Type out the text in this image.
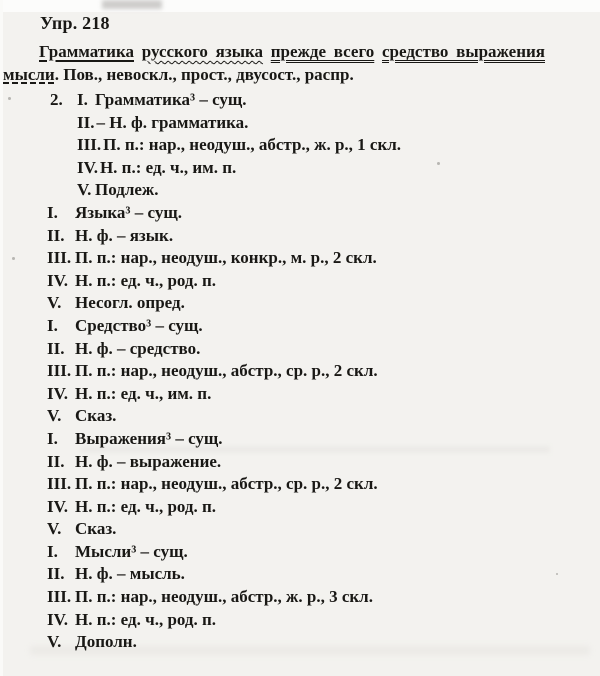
Упр. 218
Грамматика русского языка прежде всего средство выражения
мысли. Пов., невоскл., прост., двусост., распр.
2. I. Грамматика³ – сущ.
II. – Н. ф. грамматика.
III. П. п.: нар., неодуш., абстр., ж. р., 1 скл.
IV. Н. п.: ед. ч., им. п.
V. Подлеж.
I.	Языка³ – сущ.
II. Н. ф. – язык.
III. П. п.: нар., неодуш., конкр., м. р., 2 скл.
IV. Н. п.: ед. ч., род. п.
V. Несогл. опред.
I.	Средство³ – сущ.
II. Н. ф. – средство.
III. П. п.: нар., неодуш., абстр., ср. р., 2 скл.
IV. Н. п.: ед. ч., им. п.
V. Сказ.
I.	Выражения³ – сущ.
II. Н. ф. – выражение.
III. П. п.: нар., неодуш., абстр., ср. р., 2 скл.
IV. Н. п.: ед. ч., род. п.
V. Сказ.
I.	Мысли³ – сущ.
II. Н. ф. – мысль.
III. П. п.: нар., неодуш., абстр., ж. р., 3 скл.
IV. Н. п.: ед. ч., род. п.
V. Дополн.
